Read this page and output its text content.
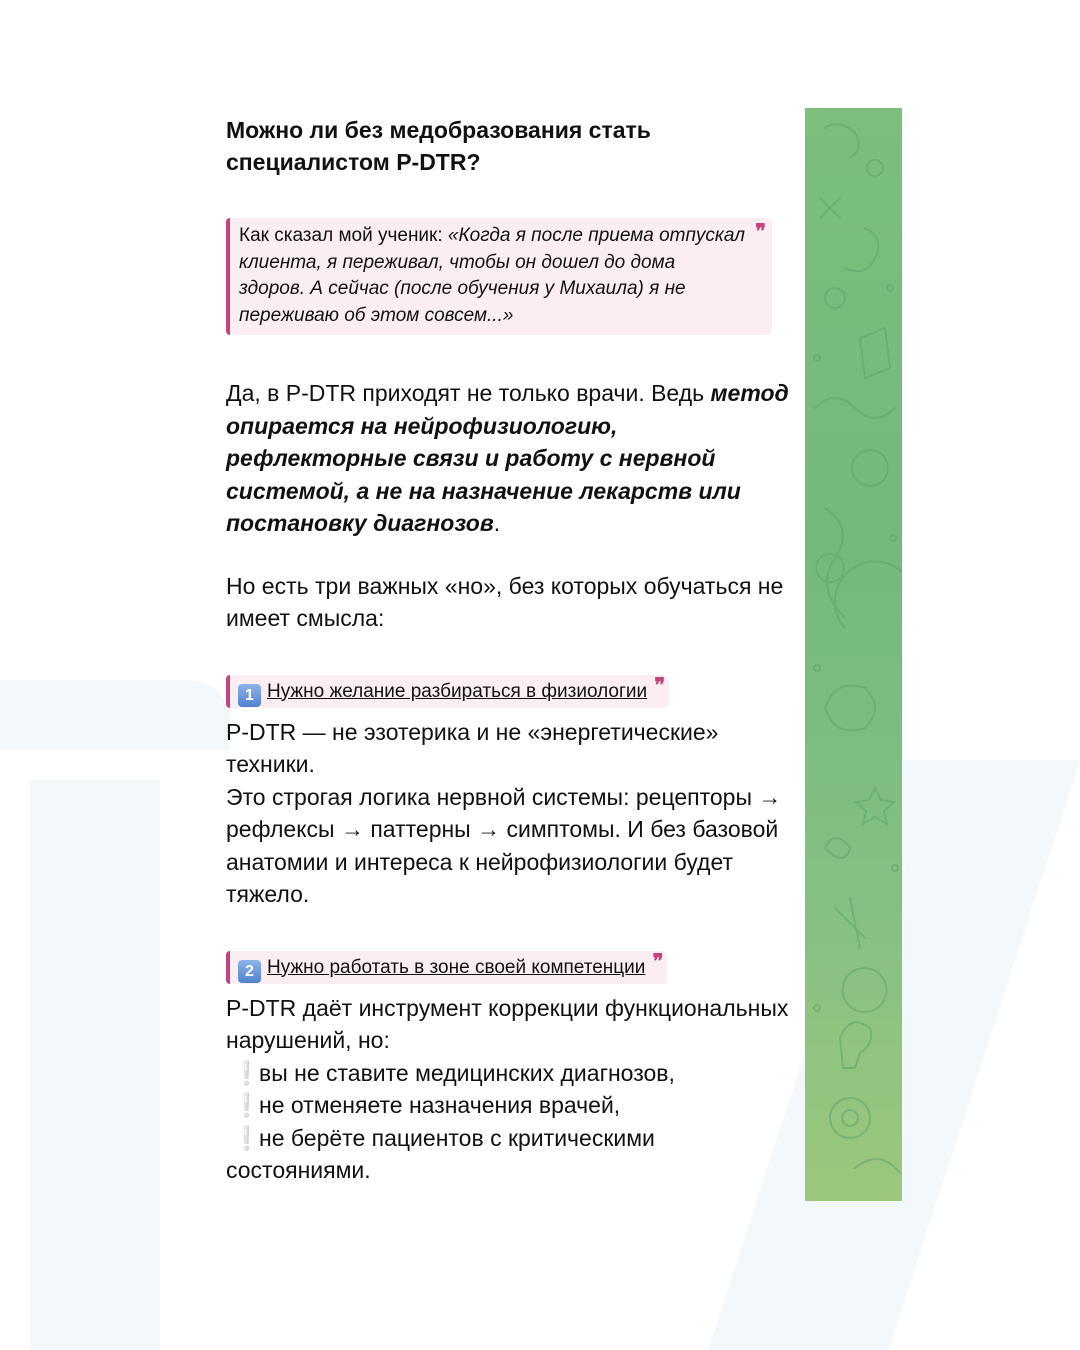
Можно ли без медобразования стать специалистом P-DTR?
Как сказал мой ученик: «Когда я после приема отпускал клиента, я переживал, чтобы он дошел до дома здоров. А сейчас (после обучения у Михаила) я не переживаю об этом совсем...»
❞

Да, в P-DTR приходят не только врачи. Ведь метод опирается на нейрофизиологию, рефлекторные связи и работу с нервной системой, а не на назначение лекарств или постановку диагнозов.

Но есть три важных «но», без которых обучаться не имеет смысла:

1 Нужно желание разбираться в физиологии ❞

P-DTR — не эзотерика и не «энергетические» техники.

Это строгая логика нервной системы: рецепторы → рефлексы → паттерны → симптомы. И без базовой анатомии и интереса к нейрофизиологии будет тяжело.

2 Нужно работать в зоне своей компетенции ❞

P-DTR даёт инструмент коррекции функциональных нарушений, но:

❕вы не ставите медицинских диагнозов,
❕не отменяете назначения врачей,
❕не берёте пациентов с критическими состояниями.
